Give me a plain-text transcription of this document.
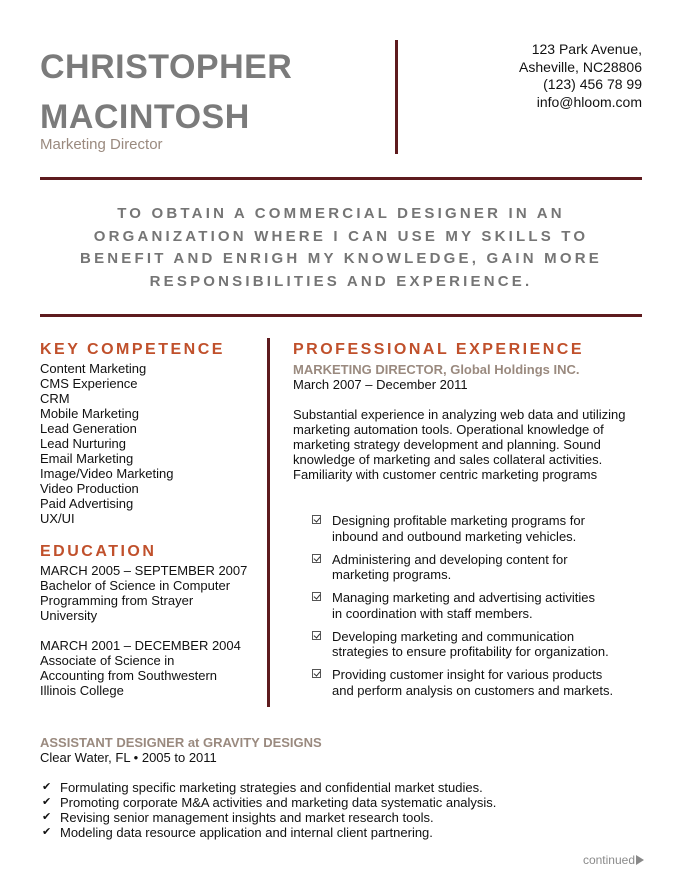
CHRISTOPHER
MACINTOSH
Marketing Director
123 Park Avenue,
Asheville, NC28806
(123) 456 78 99
info@hloom.com
TO OBTAIN A COMMERCIAL DESIGNER IN AN
ORGANIZATION WHERE I CAN USE MY SKILLS TO
BENEFIT AND ENRIGH MY KNOWLEDGE, GAIN MORE
RESPONSIBILITIES AND EXPERIENCE.
KEY COMPETENCE
Content Marketing
CMS Experience
CRM
Mobile Marketing
Lead Generation
Lead Nurturing
Email Marketing
Image/Video Marketing
Video Production
Paid Advertising
UX/UI
EDUCATION
MARCH 2005 – SEPTEMBER 2007
Bachelor of Science in Computer
Programming from Strayer
University
MARCH 2001 – DECEMBER 2004
Associate of Science in
Accounting from Southwestern
Illinois College
PROFESSIONAL EXPERIENCE
MARKETING DIRECTOR, Global Holdings INC.
March 2007 – December 2011
Substantial experience in analyzing web data and utilizing
marketing automation tools. Operational knowledge of
marketing strategy development and planning. Sound
knowledge of marketing and sales collateral activities.
Familiarity with customer centric marketing programs
Designing profitable marketing programs for
inbound and outbound marketing vehicles.
Administering and developing content for
marketing programs.
Managing marketing and advertising activities
in coordination with staff members.
Developing marketing and communication
strategies to ensure profitability for organization.
Providing customer insight for various products
and perform analysis on customers and markets.
ASSISTANT DESIGNER at GRAVITY DESIGNS
Clear Water, FL • 2005 to 2011
✔ Formulating specific marketing strategies and confidential market studies.
✔ Promoting corporate M&A activities and marketing data systematic analysis.
✔ Revising senior management insights and market research tools.
✔ Modeling data resource application and internal client partnering.
continued
